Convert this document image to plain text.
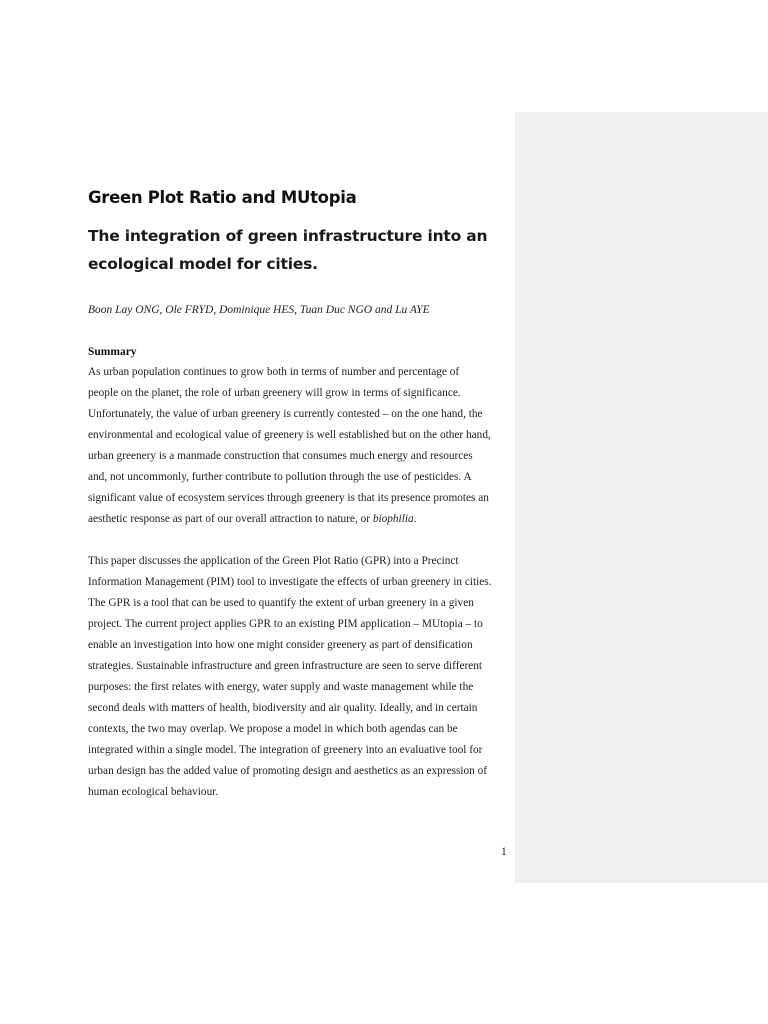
Green Plot Ratio and MUtopia
The integration of green infrastructure into an ecological model for cities.

Boon Lay ONG, Ole FRYD, Dominique HES, Tuan Duc NGO and Lu AYE

Summary

As urban population continues to grow both in terms of number and percentage of people on the planet, the role of urban greenery will grow in terms of significance. Unfortunately, the value of urban greenery is currently contested – on the one hand, the environmental and ecological value of greenery is well established but on the other hand, urban greenery is a manmade construction that consumes much energy and resources and, not uncommonly, further contribute to pollution through the use of pesticides. A significant value of ecosystem services through greenery is that its presence promotes an aesthetic response as part of our overall attraction to nature, or biophilia.

This paper discusses the application of the Green Plot Ratio (GPR) into a Precinct Information Management (PIM) tool to investigate the effects of urban greenery in cities. The GPR is a tool that can be used to quantify the extent of urban greenery in a given project. The current project applies GPR to an existing PIM application – MUtopia – to enable an investigation into how one might consider greenery as part of densification strategies. Sustainable infrastructure and green infrastructure are seen to serve different purposes: the first relates with energy, water supply and waste management while the second deals with matters of health, biodiversity and air quality. Ideally, and in certain contexts, the two may overlap. We propose a model in which both agendas can be integrated within a single model. The integration of greenery into an evaluative tool for urban design has the added value of promoting design and aesthetics as an expression of human ecological behaviour.

1
